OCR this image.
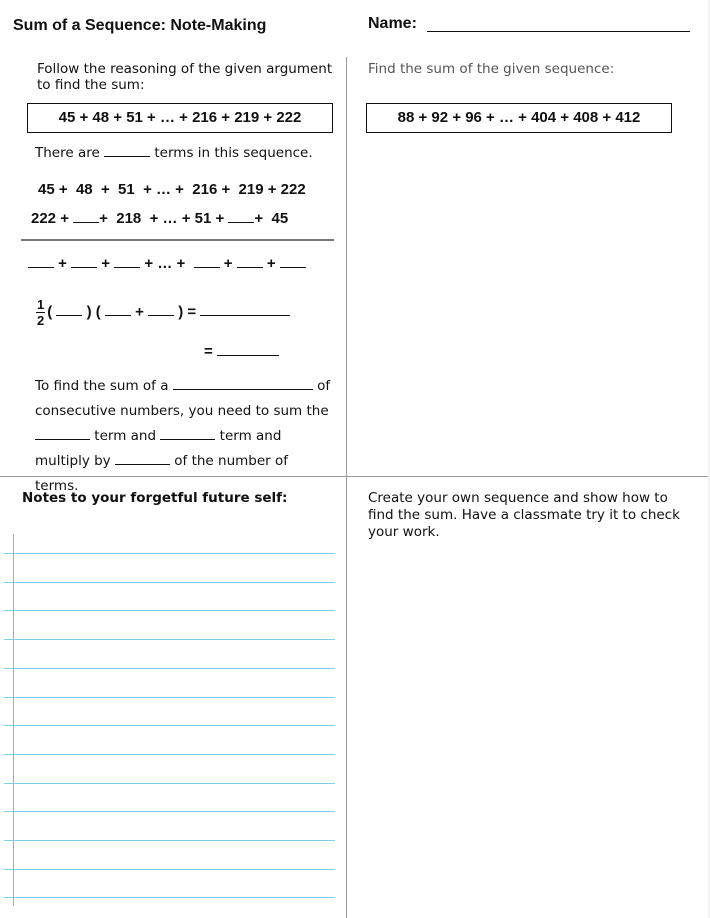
Sum of a Sequence: Note-Making	Name:
Follow the reasoning of the given argument to find the sum:
45 + 48 + 51 + … + 216 + 219 + 222
There are	terms in this sequence.
45 +  48  +  51  + … +  216 +  219 + 222
222 + +  218  + … + 51 + +  45
+ + + … +	+ +
$\frac{1}{2}$ ( ) ( + ) =
=
To find the sum of a	of
consecutive numbers, you need to sum the
term and	term and
multiply by	of the number of terms.
Find the sum of the given sequence:
88 + 92 + 96 + … + 404 + 408 + 412
Notes to your forgetful future self:	Create your own sequence and show how to find the sum. Have a classmate try it to check your work.
